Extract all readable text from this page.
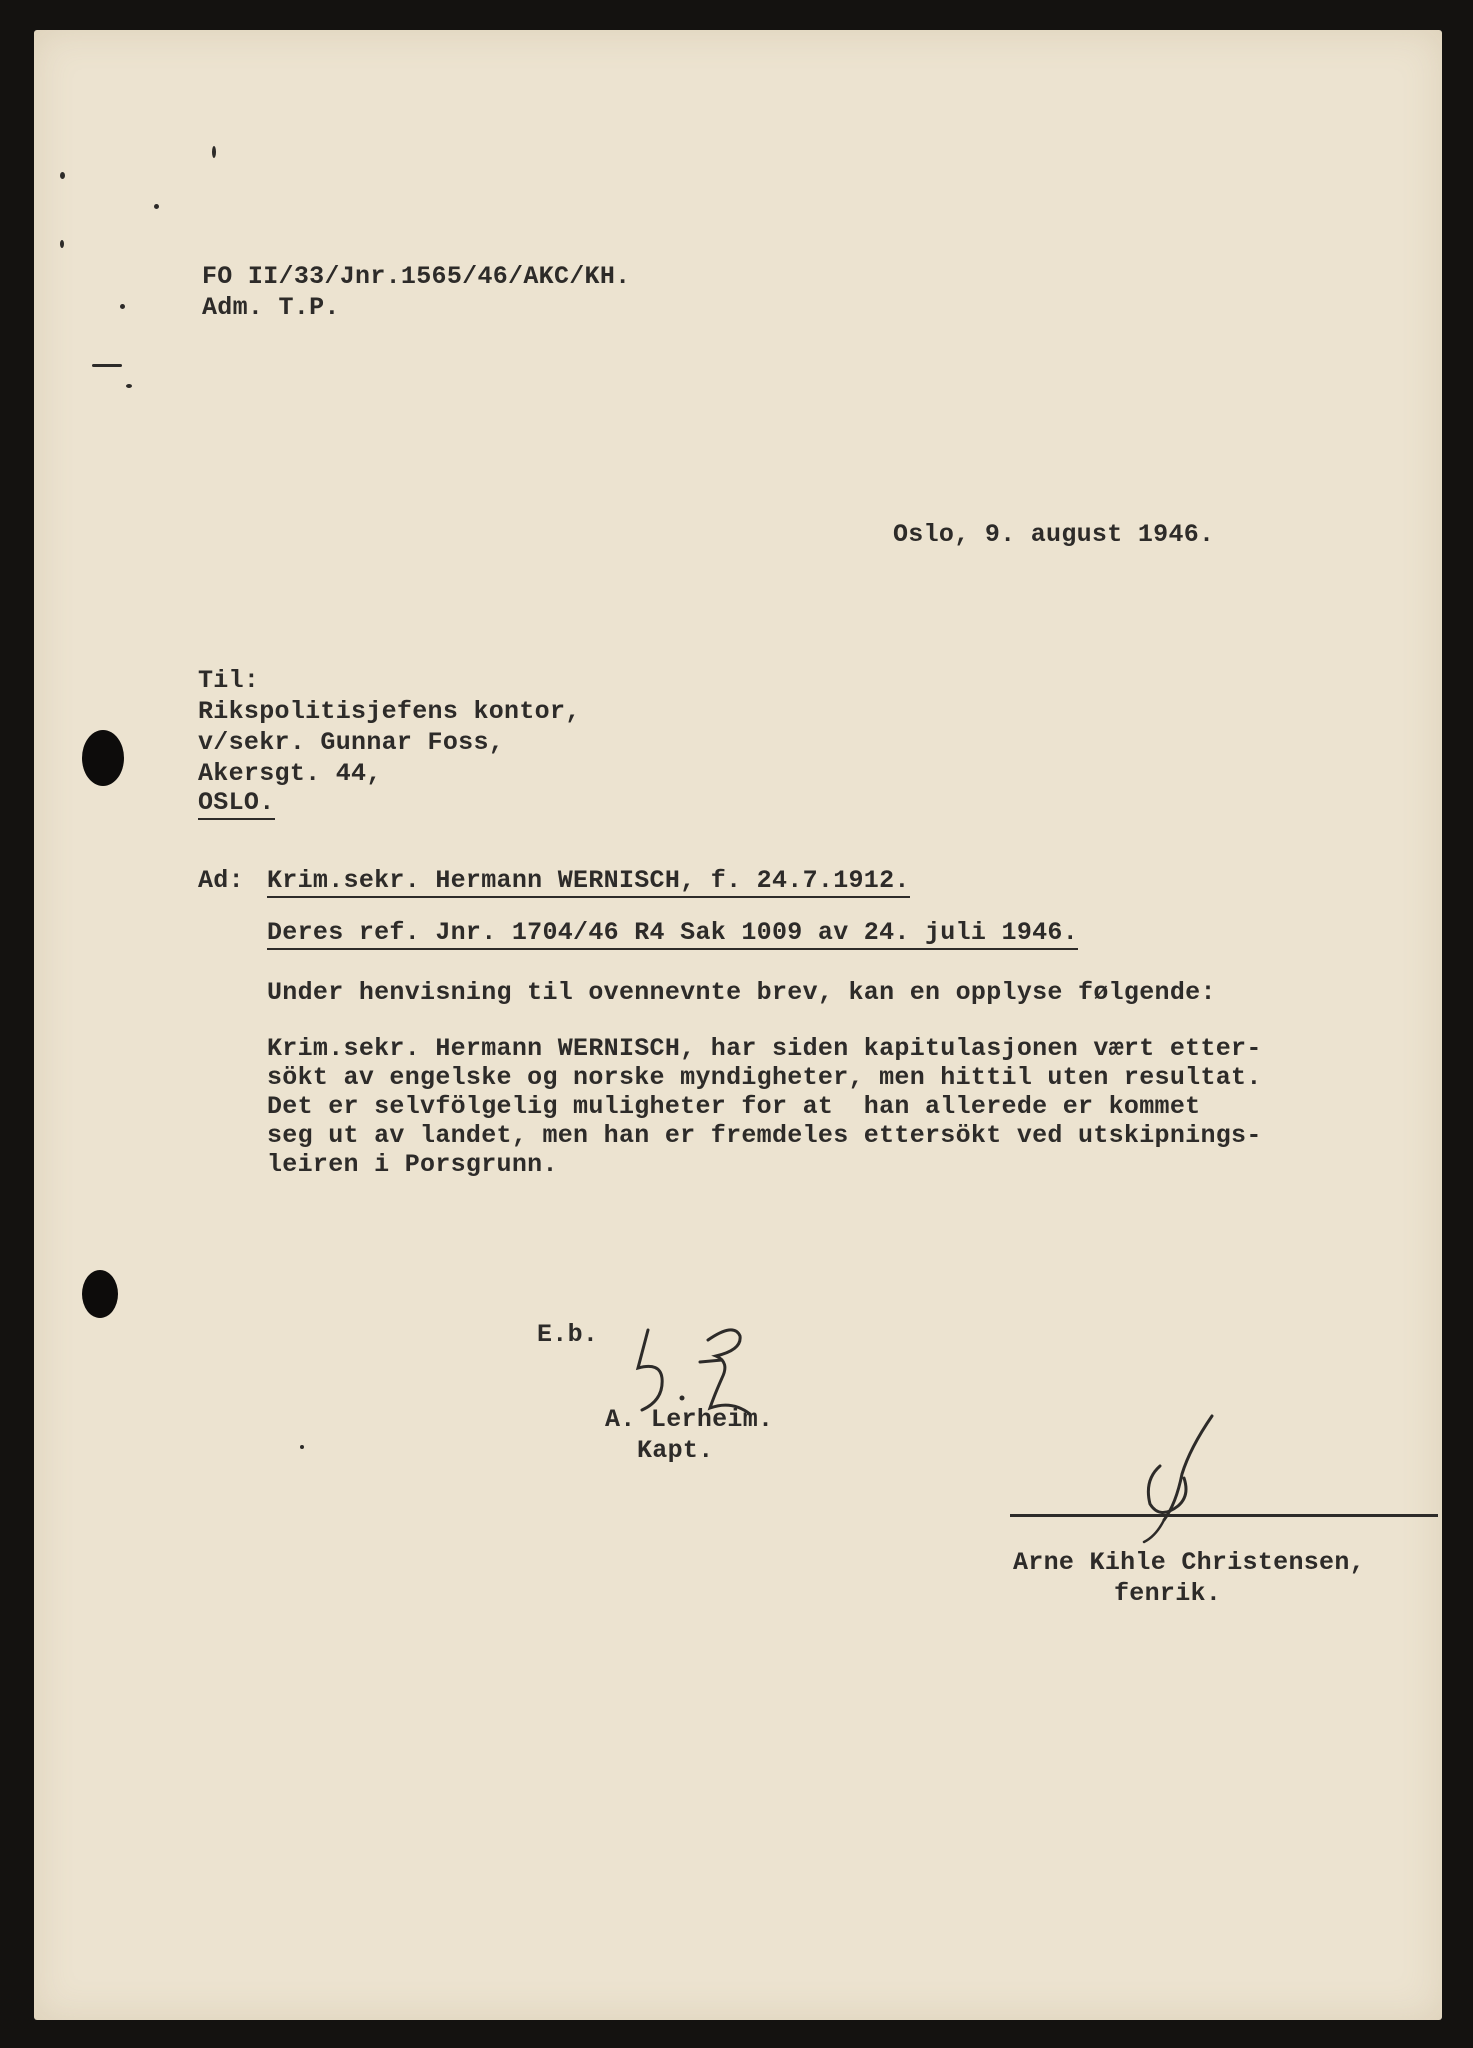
FO II/33/Jnr.1565/46/AKC/KH.
Adm. T.P.
Oslo, 9. august 1946.
Til:
Rikspolitisjefens kontor,
v/sekr. Gunnar Foss,
Akersgt. 44,
OSLO.
Ad: Krim.sekr. Hermann WERNISCH, f. 24.7.1912.
Deres ref. Jnr. 1704/46 R4 Sak 1009 av 24. juli 1946.
Under henvisning til ovennevnte brev, kan en opplyse følgende:
Krim.sekr. Hermann WERNISCH, har siden kapitulasjonen vært etter-
sökt av engelske og norske myndigheter, men hittil uten resultat.
Det er selvfölgelig muligheter for at  han allerede er kommet
seg ut av landet, men han er fremdeles ettersökt ved utskipnings-
leiren i Porsgrunn.
E.b.
A. Lerheim.
Kapt.
Arne Kihle Christensen,
fenrik.
